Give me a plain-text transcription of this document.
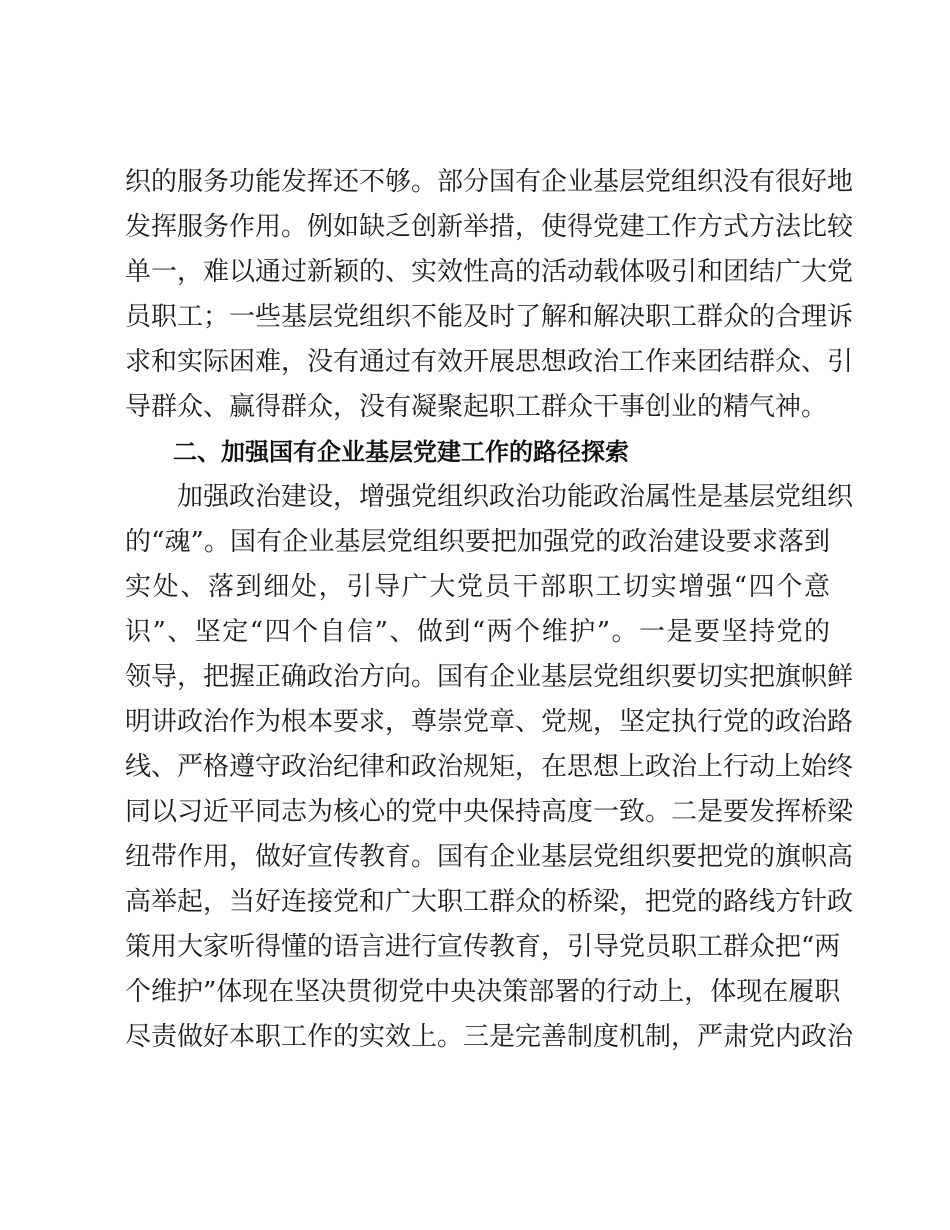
织的服务功能发挥还不够。部分国有企业基层党组织没有很好地
发挥服务作用。例如缺乏创新举措，使得党建工作方式方法比较
单一，难以通过新颖的、实效性高的活动载体吸引和团结广大党
员职工；一些基层党组织不能及时了解和解决职工群众的合理诉
求和实际困难，没有通过有效开展思想政治工作来团结群众、引
导群众、赢得群众，没有凝聚起职工群众干事创业的精气神。
二、加强国有企业基层党建工作的路径探索
加强政治建设，增强党组织政治功能政治属性是基层党组织
的“魂”。国有企业基层党组织要把加强党的政治建设要求落到
实处、落到细处，引导广大党员干部职工切实增强“四个意
识”、坚定“四个自信”、做到“两个维护”。一是要坚持党的
领导，把握正确政治方向。国有企业基层党组织要切实把旗帜鲜
明讲政治作为根本要求，尊崇党章、党规，坚定执行党的政治路
线、严格遵守政治纪律和政治规矩，在思想上政治上行动上始终
同以习近平同志为核心的党中央保持高度一致。二是要发挥桥梁
纽带作用，做好宣传教育。国有企业基层党组织要把党的旗帜高
高举起，当好连接党和广大职工群众的桥梁，把党的路线方针政
策用大家听得懂的语言进行宣传教育，引导党员职工群众把“两
个维护”体现在坚决贯彻党中央决策部署的行动上，体现在履职
尽责做好本职工作的实效上。三是完善制度机制，严肃党内政治
